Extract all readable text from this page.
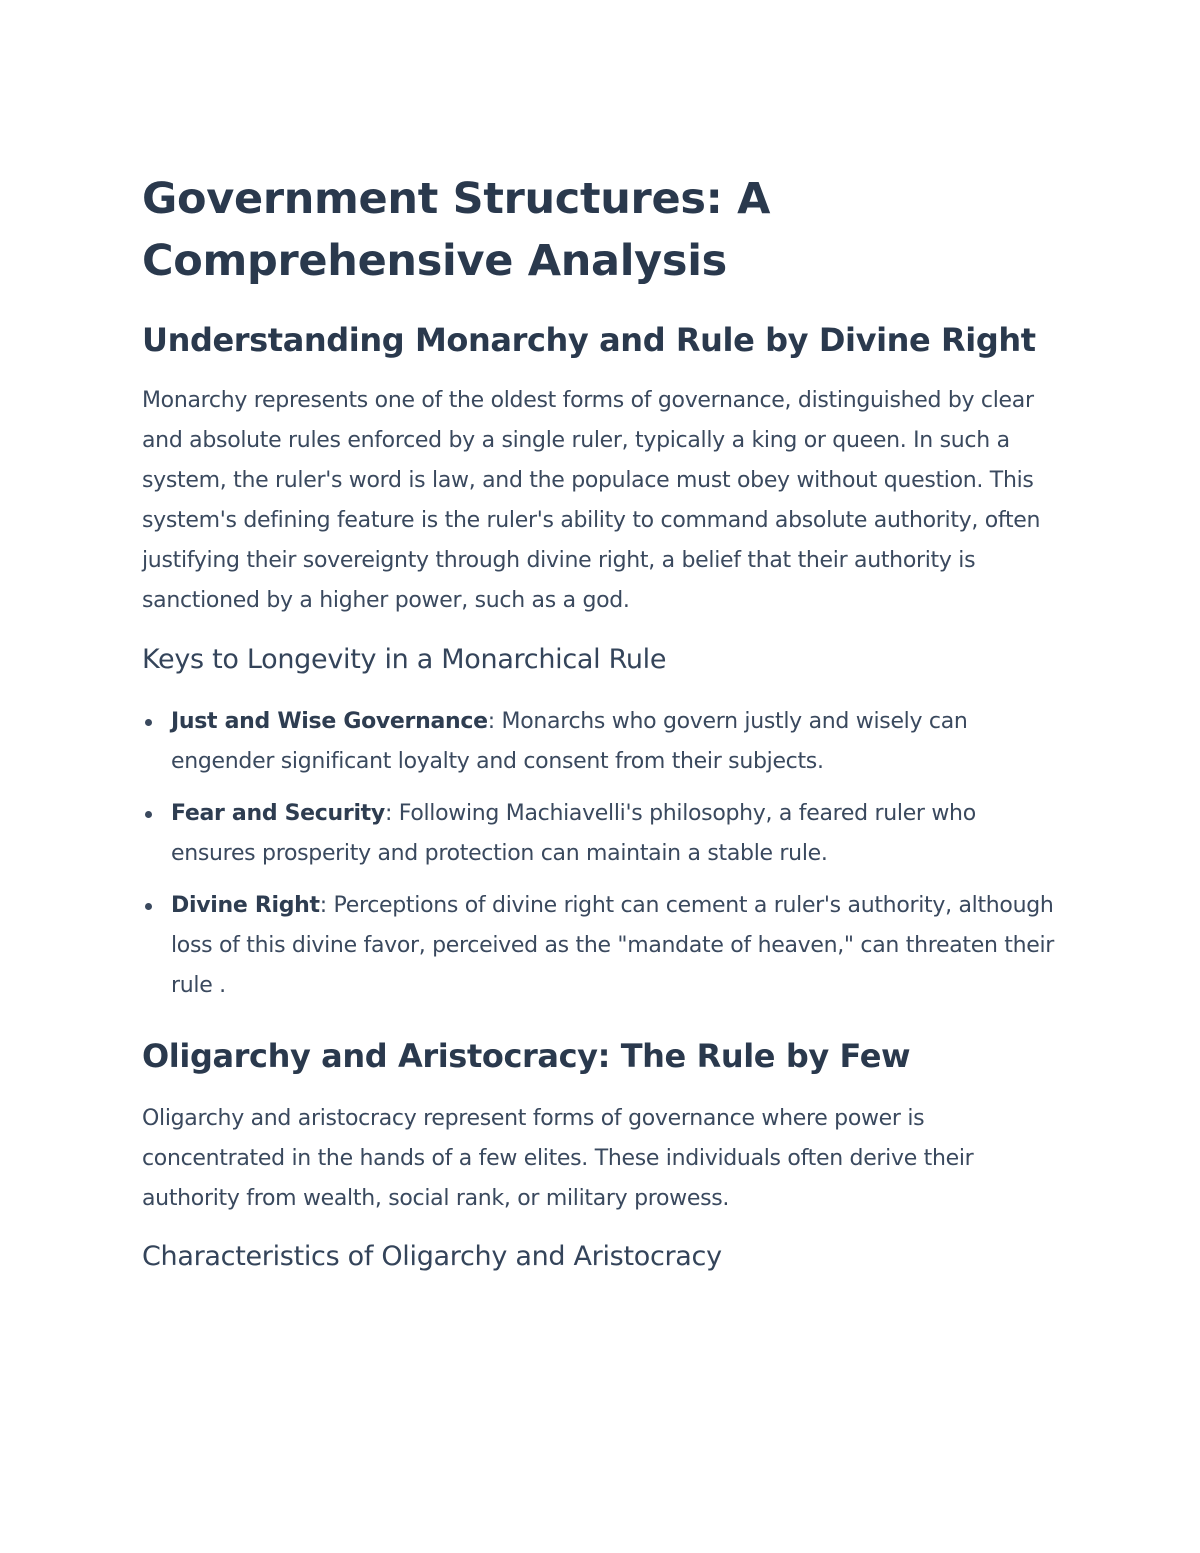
Government Structures: A Comprehensive Analysis
Understanding Monarchy and Rule by Divine Right

Monarchy represents one of the oldest forms of governance, distinguished by clear and absolute rules enforced by a single ruler, typically a king or queen. In such a system, the ruler's word is law, and the populace must obey without question. This system's defining feature is the ruler's ability to command absolute authority, often justifying their sovereignty through divine right, a belief that their authority is sanctioned by a higher power, such as a god.

Keys to Longevity in a Monarchical Rule
Just and Wise Governance: Monarchs who govern justly and wisely can engender significant loyalty and consent from their subjects.
Fear and Security: Following Machiavelli's philosophy, a feared ruler who ensures prosperity and protection can maintain a stable rule.
Divine Right: Perceptions of divine right can cement a ruler's authority, although loss of this divine favor, perceived as the "mandate of heaven," can threaten their rule .
Oligarchy and Aristocracy: The Rule by Few

Oligarchy and aristocracy represent forms of governance where power is concentrated in the hands of a few elites. These individuals often derive their authority from wealth, social rank, or military prowess.

Characteristics of Oligarchy and Aristocracy
